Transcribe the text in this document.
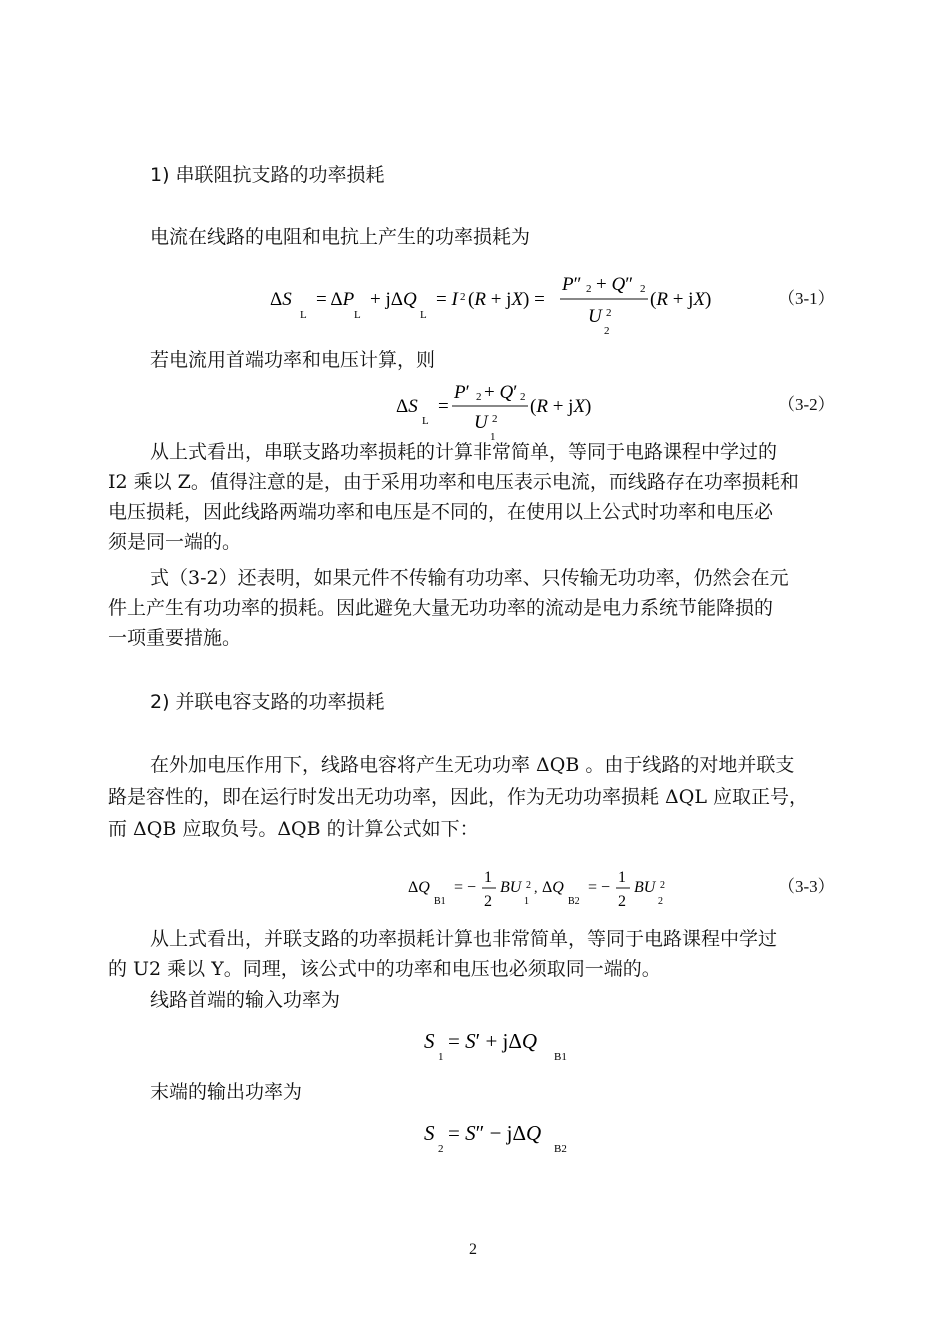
1) 串联阻抗支路的功率损耗
电流在线路的电阻和电抗上产生的功率损耗为
ΔS
L
= ΔP
L
+ jΔQ
L
= I 2 (R + jX) =
P″ 2 + Q″ 2
U 2
2
(R + jX)	（3-1）
若电流用首端功率和电压计算，则
ΔS
L
=
P′ 2 + Q′ 2
U 2
1
(R + jX)	（3-2）
从上式看出，串联支路功率损耗的计算非常简单，等同于电路课程中学过的
I2 乘以 Z。值得注意的是，由于采用功率和电压表示电流，而线路存在功率损耗和
电压损耗，因此线路两端功率和电压是不同的，在使用以上公式时功率和电压必
须是同一端的。
式（3-2）还表明，如果元件不传输有功功率、只传输无功功率，仍然会在元
件上产生有功功率的损耗。因此避免大量无功功率的流动是电力系统节能降损的
一项重要措施。
2) 并联电容支路的功率损耗
在外加电压作用下，线路电容将产生无功功率 ΔQB 。由于线路的对地并联支
路是容性的，即在运行时发出无功功率，因此，作为无功功率损耗 ΔQL 应取正号，
而 ΔQB 应取负号。ΔQB 的计算公式如下：
ΔQ
B1
= −
1
2
BU 2
1
, ΔQ
B2
= −
1
2
BU 2
2
（3-3）
从上式看出，并联支路的功率损耗计算也非常简单，等同于电路课程中学过
的 U2 乘以 Y。同理，该公式中的功率和电压也必须取同一端的。
线路首端的输入功率为
S
1
= S′ + jΔQ
B1
末端的输出功率为
S
2
= S″ − jΔQ
B2
2
